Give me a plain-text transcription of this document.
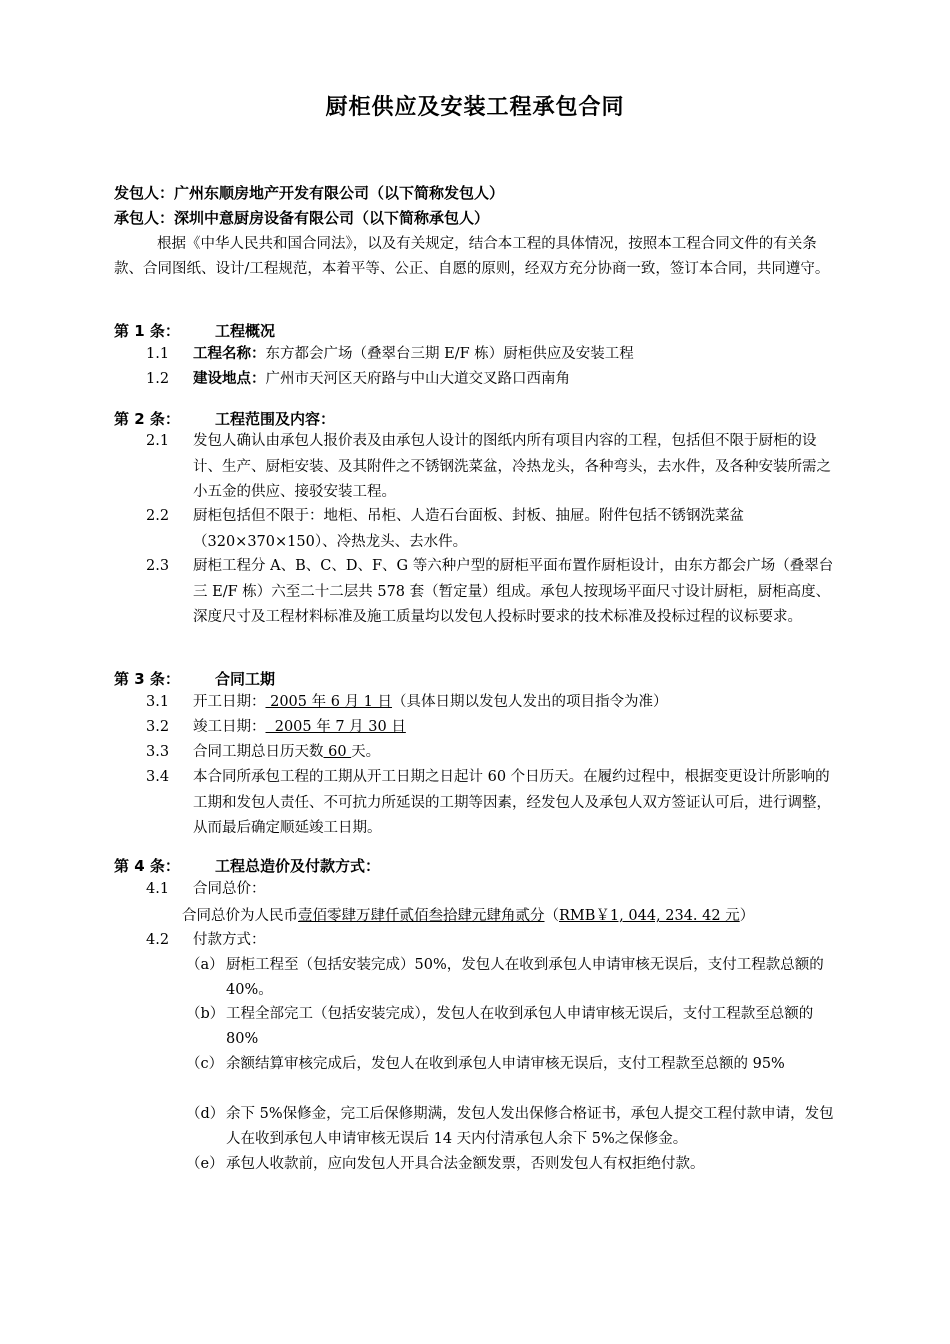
厨柜供应及安装工程承包合同
发包人：广州东顺房地产开发有限公司（以下简称发包人）
承包人：深圳中意厨房设备有限公司（以下简称承包人）
根据《中华人民共和国合同法》，以及有关规定，结合本工程的具体情况，按照本工程合同文件的有关条款、合同图纸、设计/工程规范，本着平等、公正、自愿的原则，经双方充分协商一致，签订本合同，共同遵守。
第 1 条： 工程概况
1.1 工程名称：东方都会广场（叠翠台三期 E/F 栋）厨柜供应及安装工程
1.2 建设地点：广州市天河区天府路与中山大道交叉路口西南角
第 2 条： 工程范围及内容：
2.1 发包人确认由承包人报价表及由承包人设计的图纸内所有项目内容的工程，包括但不限于厨柜的设计、生产、厨柜安装、及其附件之不锈钢洗菜盆，冷热龙头，各种弯头，去水件，及各种安装所需之小五金的供应、接驳安装工程。
2.2 厨柜包括但不限于：地柜、吊柜、人造石台面板、封板、抽屉。附件包括不锈钢洗菜盆（320×370×150）、冷热龙头、去水件。
2.3 厨柜工程分 A、B、C、D、F、G 等六种户型的厨柜平面布置作厨柜设计，由东方都会广场（叠翠台三 E/F 栋）六至二十二层共 578 套（暂定量）组成。承包人按现场平面尺寸设计厨柜，厨柜高度、深度尺寸及工程材料标准及施工质量均以发包人投标时要求的技术标准及投标过程的议标要求。
第 3 条： 合同工期
3.1 开工日期： 2005 年 6 月 1 日（具体日期以发包人发出的项目指令为准）
3.2 竣工日期：  2005 年 7 月 30 日
3.3 合同工期总日历天数 60 天。
3.4 本合同所承包工程的工期从开工日期之日起计 60 个日历天。在履约过程中，根据变更设计所影响的工期和发包人责任、不可抗力所延误的工期等因素，经发包人及承包人双方签证认可后，进行调整，从而最后确定顺延竣工日期。
第 4 条： 工程总造价及付款方式：
4.1 合同总价：
合同总价为人民币壹佰零肆万肆仟贰佰叁拾肆元肆角贰分（RMB￥1, 044, 234. 42 元）
4.2 付款方式：
（a） 厨柜工程至（包括安装完成）50%，发包人在收到承包人申请审核无误后，支付工程款总额的 40%。
（b） 工程全部完工（包括安装完成），发包人在收到承包人申请审核无误后，支付工程款至总额的 80%
（c） 余额结算审核完成后，发包人在收到承包人申请审核无误后，支付工程款至总额的 95%
（d） 余下 5%保修金，完工后保修期满，发包人发出保修合格证书，承包人提交工程付款申请，发包人在收到承包人申请审核无误后 14 天内付清承包人余下 5%之保修金。
（e） 承包人收款前，应向发包人开具合法金额发票，否则发包人有权拒绝付款。
